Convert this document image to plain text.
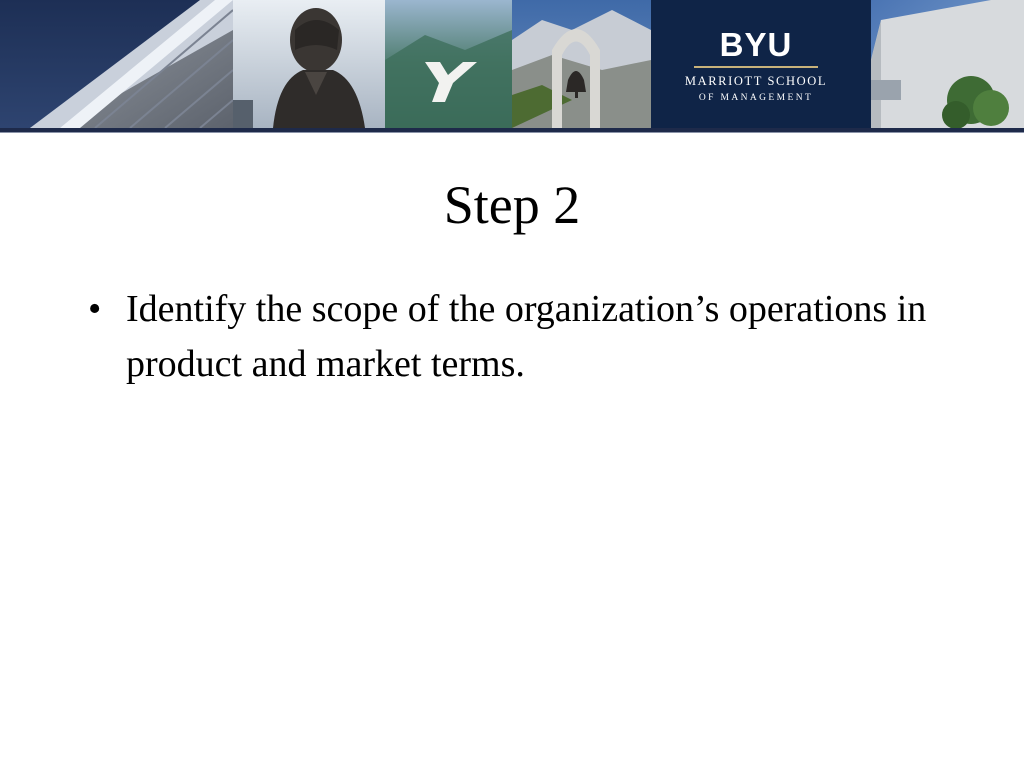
BYU
MARRIOTT SCHOOL
OF MANAGEMENT
Step 2
• Identify the scope of the organization’s operations in product and market terms.
